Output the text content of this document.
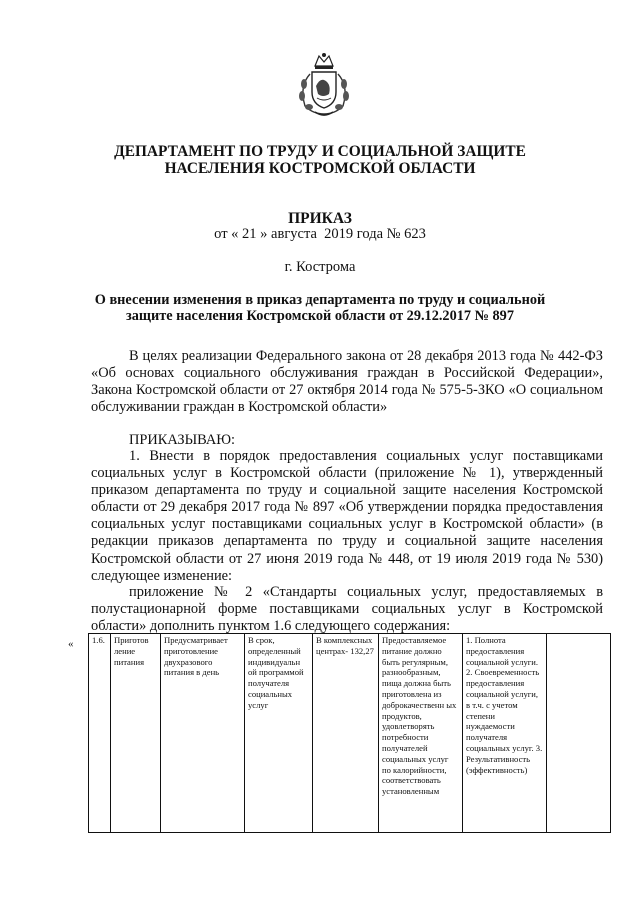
ДЕПАРТАМЕНТ ПО ТРУДУ И СОЦИАЛЬНОЙ ЗАЩИТЕ
НАСЕЛЕНИЯ КОСТРОМСКОЙ ОБЛАСТИ
ПРИКАЗ
от « 21 » августа  2019 года № 623
г. Кострома
О внесении изменения в приказ департамента по труду и социальной
защите населения Костромской области от 29.12.2017 № 897
В целях реализации Федерального закона от 28 декабря 2013 года № 442-ФЗ «Об основах социального обслуживания граждан в Российской Федерации», Закона Костромской области от 27 октября 2014 года № 575-5-ЗКО «О социальном обслуживании граждан в Костромской области»
ПРИКАЗЫВАЮ:
1. Внести в порядок предоставления социальных услуг поставщиками социальных услуг в Костромской области (приложение № 1), утвержденный приказом департамента по труду и социальной защите населения Костромской области от 29 декабря 2017 года № 897 «Об утверждении порядка предоставления социальных услуг поставщиками социальных услуг в Костромской области» (в редакции приказов департамента по труду и социальной защите населения Костромской области от 27 июня 2019 года № 448, от 19 июля 2019 года № 530) следующее изменение:
приложение № 2 «Стандарты социальных услуг, предоставляемых в полустационарной форме поставщиками социальных услуг в Костромской области» дополнить пунктом 1.6 следующего содержания:
« 1.6.	Приготов ление питания	Предусматривает приготовление двухразового питания в день	В срок, определенный индивидуальн ой программой получателя социальных услуг	В комплексных центрах- 132,27	Предоставляемое питание должно быть регулярным, разнообразным, пища должна быть приготовлена из доброкачественн ых продуктов, удовлетворять потребности получателей социальных услуг по калорийности, соответствовать установленным	1. Полнота предоставления социальной услуги. 2. Своевременность предоставления социальной услуги, в т.ч. с учетом степени нуждаемости получателя социальных услуг. 3. Результативность (эффективность)	
